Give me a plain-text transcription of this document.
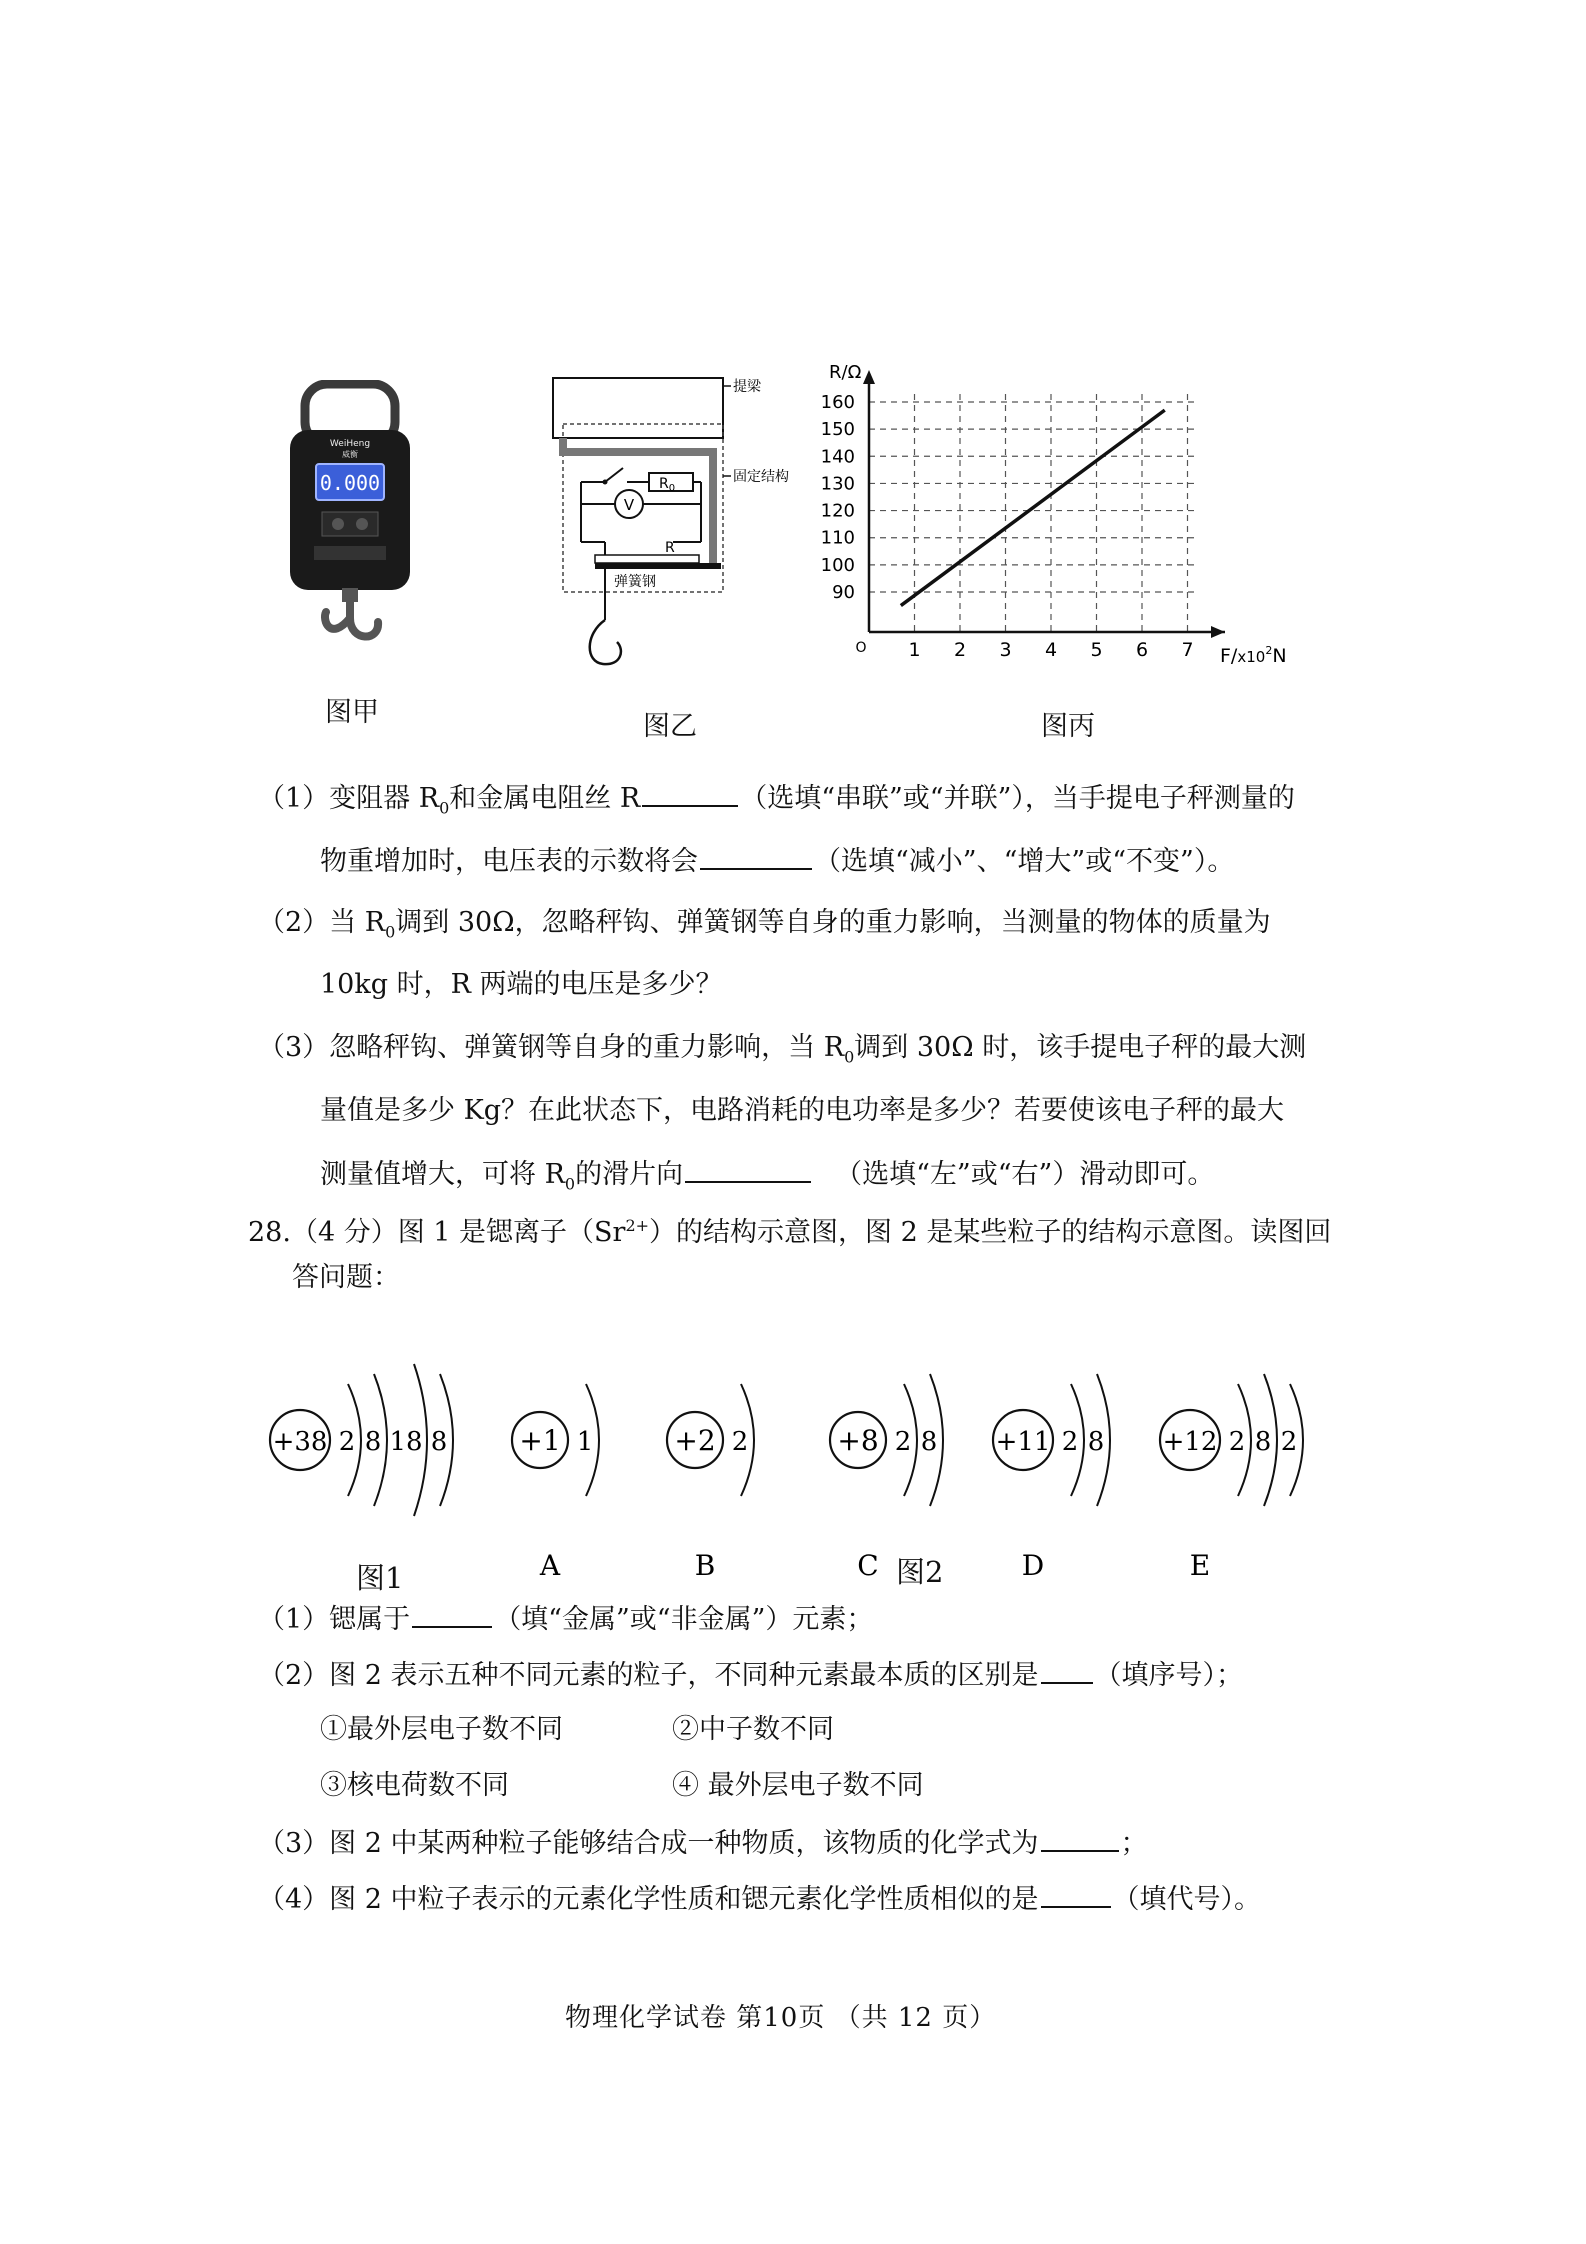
0.000
WeiHeng
威衡
图甲
提梁
固定结构
$R_0$
V
R
弹簧钢
图乙
90
100
110
120
130
140
150
160
1 2 3 4 5 6 7
O
R/Ω
$F/x10^2N$
图丙
（1）变阻器 $R_0$和金属电阻丝 R	（选填“串联”或“并联”），当手提电子秤测量的
物重增加时，电压表的示数将会	（选填“减小”、“增大”或“不变”）。
（2）当 $R_0$调到 30Ω，忽略秤钩、弹簧钢等自身的重力影响，当测量的物体的质量为
10kg 时，R 两端的电压是多少？
（3）忽略秤钩、弹簧钢等自身的重力影响，当 $R_0$调到 30Ω 时，该手提电子秤的最大测
量值是多少 Kg？在此状态下，电路消耗的电功率是多少？若要使该电子秤的最大
测量值增大，可将 $R_0$的滑片向	（选填“左”或“右”）滑动即可。
28.（4 分）图 1 是锶离子$(Sr^{2+})$的结构示意图，图 2 是某些粒子的结构示意图。读图回
答问题：
+38 2 8 18 8	+1 1
A
+2 2
B
+8 2 8
C
+11 2 8
D
+12 2 8 2
E
图1	图2
（1）锶属于	（填“金属”或“非金属”）元素；
（2）图 2 表示五种不同元素的粒子，不同种元素最本质的区别是 （填序号）；
①最外层电子数不同	②中子数不同
③核电荷数不同	④ 最外层电子数不同
（3）图 2 中某两种粒子能够结合成一种物质，该物质的化学式为	；
（4）图 2 中粒子表示的元素化学性质和锶元素化学性质相似的是	（填代号）。
物理化学试卷 第10页 （共 12 页）
